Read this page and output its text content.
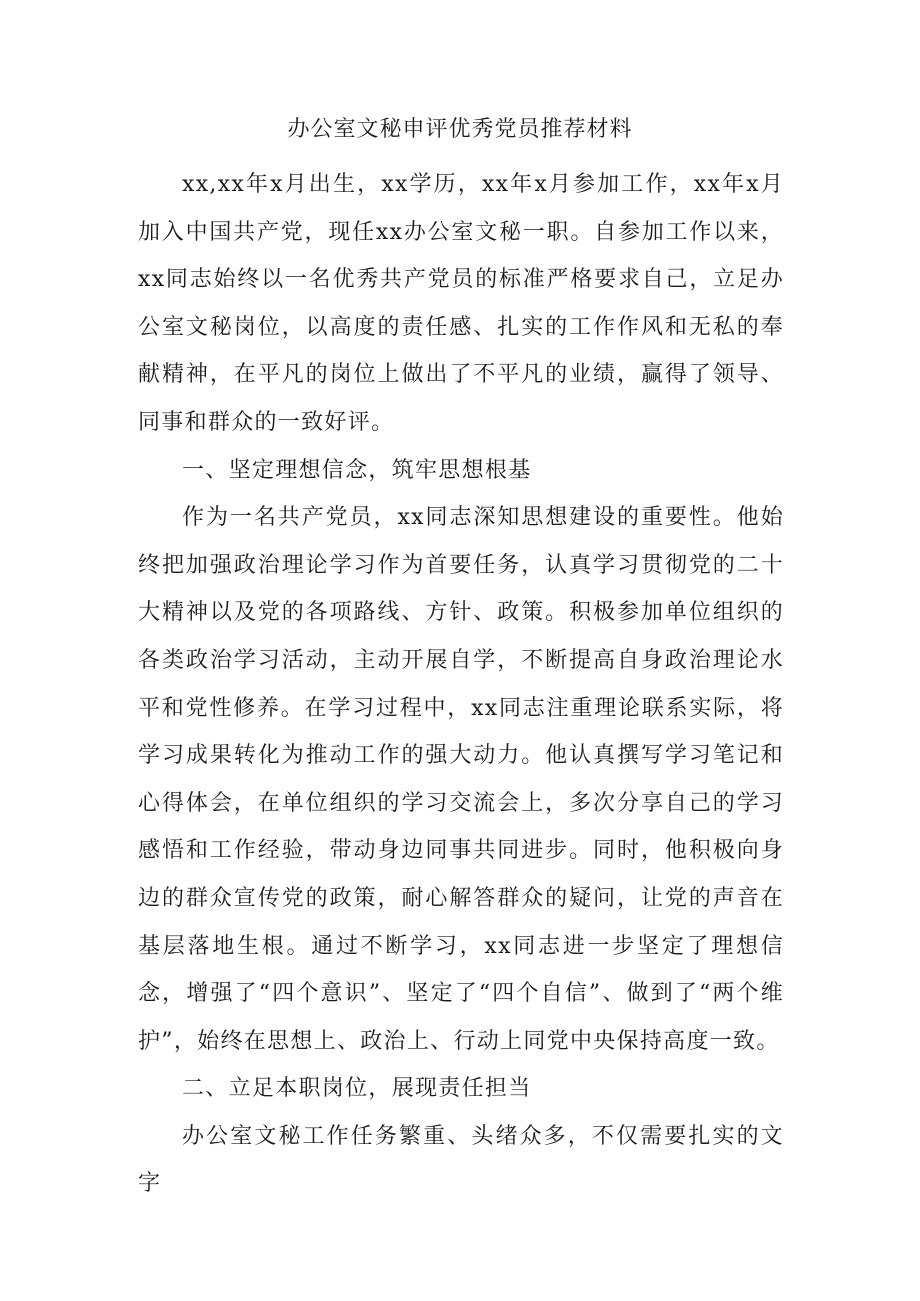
办公室文秘申评优秀党员推荐材料

xx,xx年x月出生，xx学历，xx年x月参加工作，xx年x月加入中国共产党，现任xx办公室文秘一职。自参加工作以来，xx同志始终以一名优秀共产党员的标准严格要求自己，立足办公室文秘岗位，以高度的责任感、扎实的工作作风和无私的奉献精神，在平凡的岗位上做出了不平凡的业绩，赢得了领导、同事和群众的一致好评。

一、坚定理想信念，筑牢思想根基

作为一名共产党员，xx同志深知思想建设的重要性。他始终把加强政治理论学习作为首要任务，认真学习贯彻党的二十大精神以及党的各项路线、方针、政策。积极参加单位组织的各类政治学习活动，主动开展自学，不断提高自身政治理论水平和党性修养。在学习过程中，xx同志注重理论联系实际，将学习成果转化为推动工作的强大动力。他认真撰写学习笔记和心得体会，在单位组织的学习交流会上，多次分享自己的学习感悟和工作经验，带动身边同事共同进步。同时，他积极向身边的群众宣传党的政策，耐心解答群众的疑问，让党的声音在基层落地生根。通过不断学习，xx同志进一步坚定了理想信念，增强了“四个意识”、坚定了“四个自信”、做到了“两个维护”，始终在思想上、政治上、行动上同党中央保持高度一致。

二、立足本职岗位，展现责任担当

办公室文秘工作任务繁重、头绪众多，不仅需要扎实的文字
